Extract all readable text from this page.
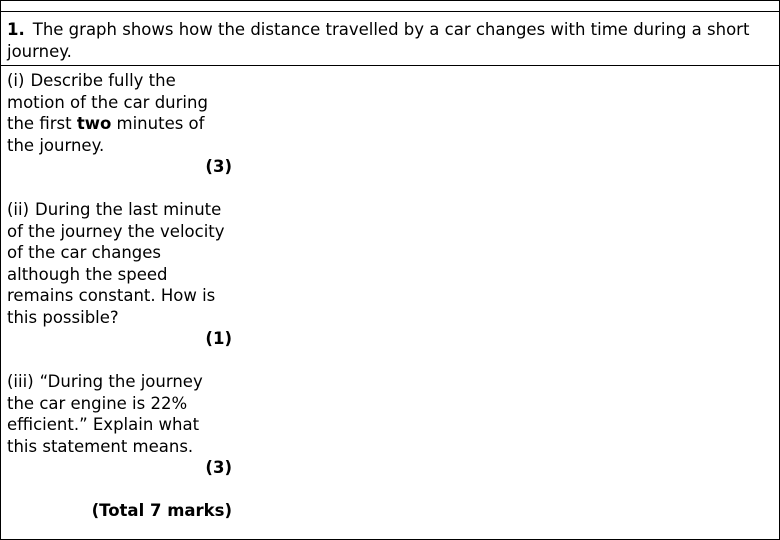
1. The graph shows how the distance travelled by a car changes with time during a short journey.

(i) Describe fully the motion of the car during the first two minutes of the journey.

(3)

(ii) During the last minute of the journey the velocity of the car changes although the speed remains constant. How is this possible?

(1)

(iii) “During the journey the car engine is 22% efficient.” Explain what this statement means.

(3)

(Total 7 marks)
